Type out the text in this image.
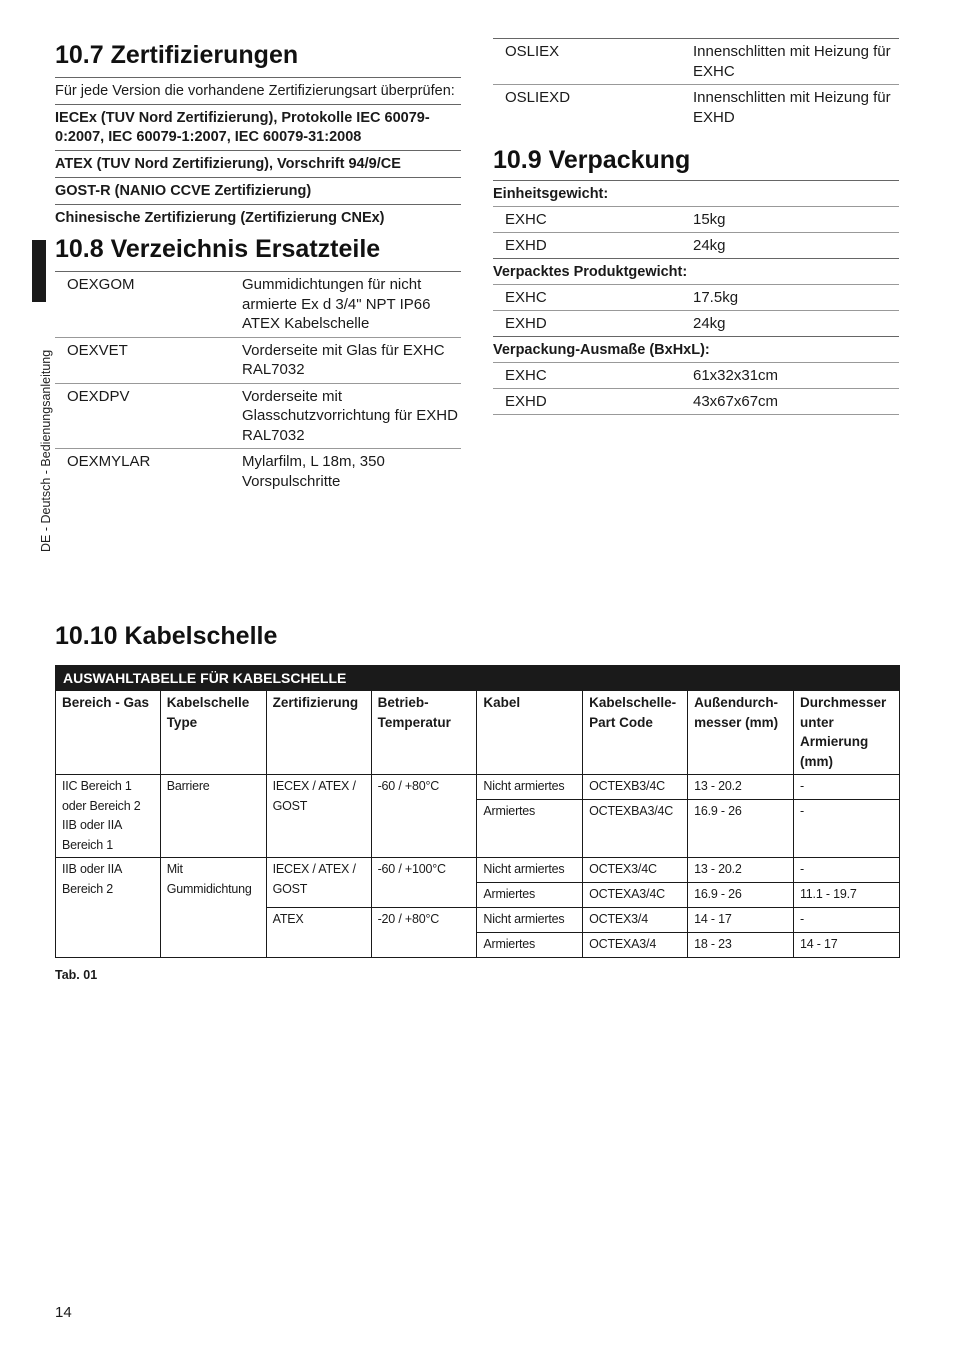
DE - Deutsch - Bedienungsanleitung
10.7 Zertifizierungen
Für jede Version die vorhandene Zertifizierungsart überprüfen:
IECEx (TUV Nord Zertifizierung), Protokolle IEC 60079-0:2007, IEC 60079-1:2007, IEC 60079-31:2008
ATEX (TUV Nord Zertifizierung), Vorschrift 94/9/CE
GOST-R (NANIO CCVE Zertifizierung)
Chinesische Zertifizierung (Zertifizierung CNEx)
10.8 Verzeichnis Ersatzteile
OEXGOM	Gummidichtungen für nicht armierte Ex d 3/4" NPT IP66 ATEX Kabelschelle
OEXVET	Vorderseite mit Glas für EXHC RAL7032
OEXDPV	Vorderseite mit Glasschutzvorrichtung für EXHD RAL7032
OEXMYLAR	Mylarfilm, L 18m, 350 Vorspulschritte
OSLIEX	Innenschlitten mit Heizung für EXHC
OSLIEXD	Innenschlitten mit Heizung für EXHD
10.9 Verpackung
Einheitsgewicht:
EXHC	15kg
EXHD	24kg
Verpacktes Produktgewicht:
EXHC	17.5kg
EXHD	24kg
Verpackung-Ausmaße (BxHxL):
EXHC	61x32x31cm
EXHD	43x67x67cm
10.10 Kabelschelle
AUSWAHLTABELLE FÜR KABELSCHELLE							
Bereich - Gas	Kabelschelle Type	Zertifizierung	Betrieb-Temperatur	Kabel	Kabelschelle-Part Code	Außendurch-messer (mm)	Durchmesser unter Armierung (mm)
IIC Bereich 1 oder Bereich 2 IIB oder IIA Bereich 1	Barriere	IECEX / ATEX / GOST	-60 / +80°C	Nicht armiertes	OCTEXB3/4C	13 - 20.2	-
				Armiertes	OCTEXBA3/4C	16.9 - 26	-
IIB oder IIA Bereich 2	Mit Gummidichtung	IECEX / ATEX / GOST	-60 / +100°C	Nicht armiertes	OCTEX3/4C	13 - 20.2	-
				Armiertes	OCTEXA3/4C	16.9 - 26	11.1 - 19.7
		ATEX	-20 / +80°C	Nicht armiertes	OCTEX3/4	14 - 17	-
				Armiertes	OCTEXA3/4	18 - 23	14 - 17
Tab. 01
14
